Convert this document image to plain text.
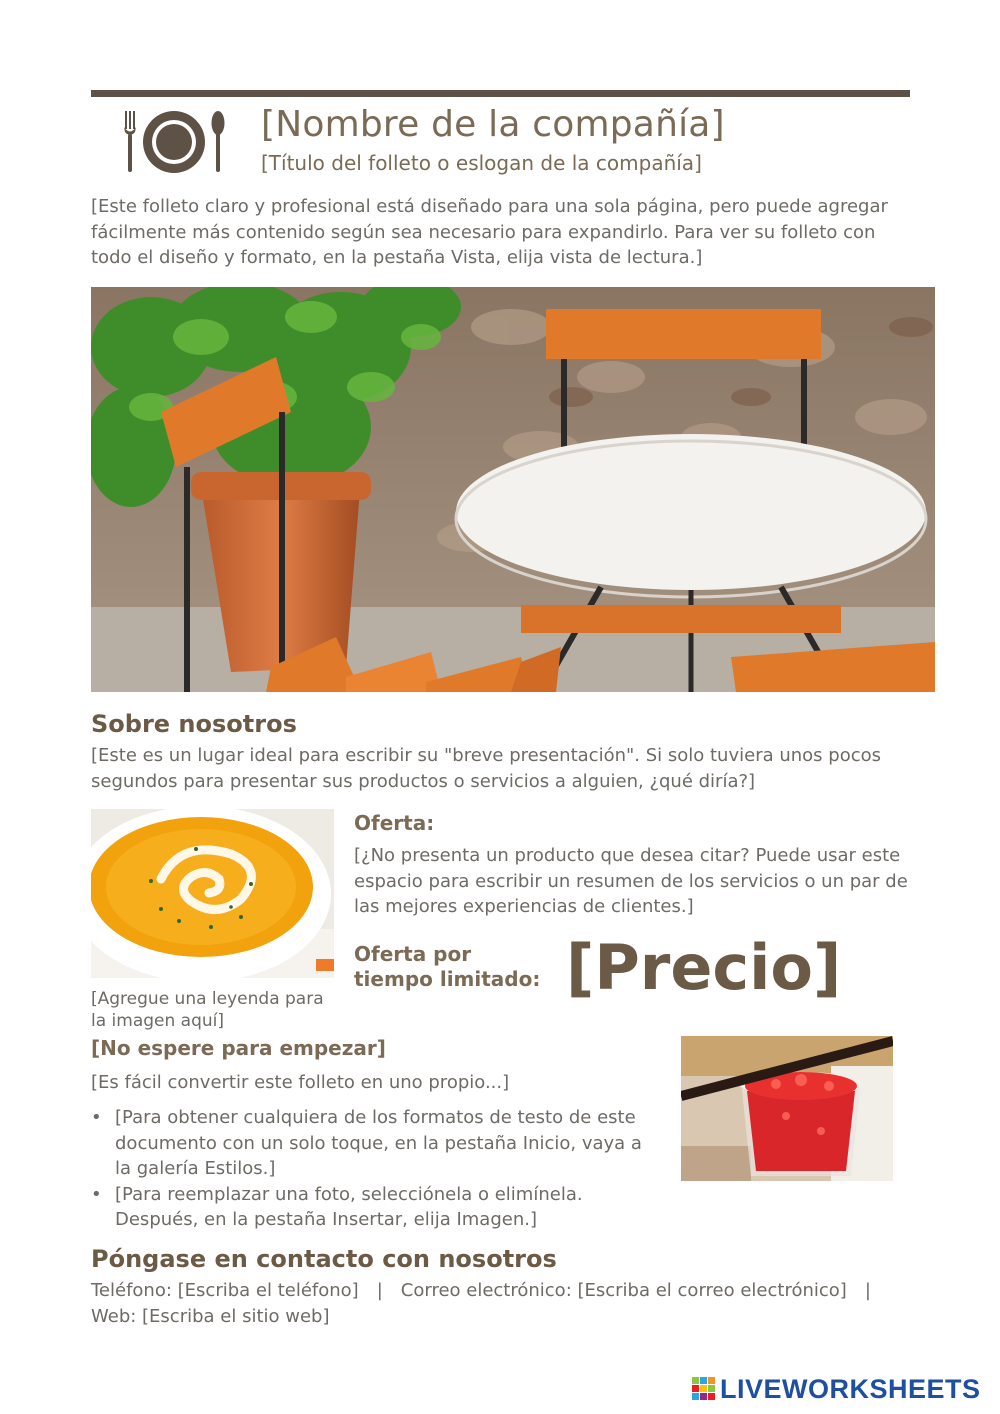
[Nombre de la compañía]
[Título del folleto o eslogan de la compañía]
[Este folleto claro y profesional está diseñado para una sola página, pero puede agregar fácilmente más contenido según sea necesario para expandirlo. Para ver su folleto con todo el diseño y formato, en la pestaña Vista, elija vista de lectura.]
Sobre nosotros
[Este es un lugar ideal para escribir su "breve presentación". Si solo tuviera unos pocos segundos para presentar sus productos o servicios a alguien, ¿qué diría?]
[Agregue una leyenda para la imagen aquí]
Oferta:
[¿No presenta un producto que desea citar? Puede usar este espacio para escribir un resumen de los servicios o un par de las mejores experiencias de clientes.]
Oferta por tiempo limitado: [Precio]
[No espere para empezar]
[Es fácil convertir este folleto en uno propio...]
• [Para obtener cualquiera de los formatos de testo de este documento con un solo toque, en la pestaña Inicio, vaya a la galería Estilos.]
• [Para reemplazar una foto, selecciónela o elimínela. Después, en la pestaña Insertar, elija Imagen.]
Póngase en contacto con nosotros
Teléfono: [Escriba el teléfono] | Correo electrónico: [Escriba el correo electrónico] |Web: [Escriba el sitio web]
LIVEWORKSHEETS
